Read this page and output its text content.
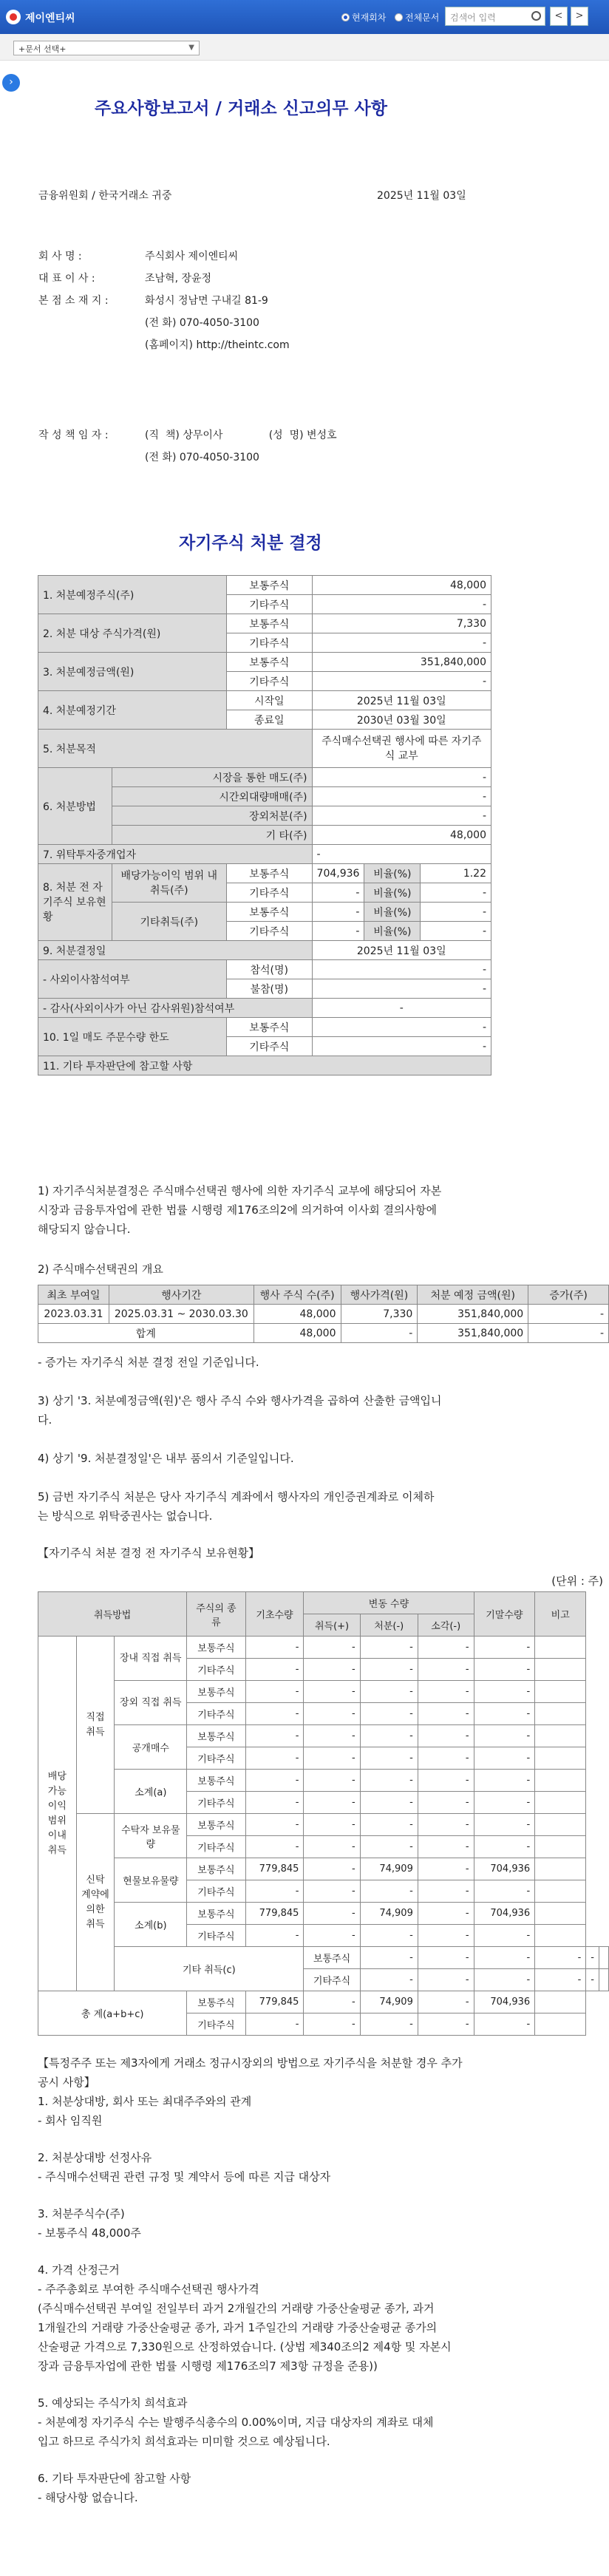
제이엔티씨	현재회차	전체문서	검색어 입력	<	>
+문서 선택+	▼
›
주요사항보고서 / 거래소 신고의무 사항
금융위원회 / 한국거래소 귀중	2025년 11월 03일
회 사 명 :	주식회사 제이엔티씨
대 표 이 사 :	조남혁, 장윤정
본 점 소 재 지 :	화성시 정남면 구내길 81-9
(전 화) 070-4050-3100
(홈페이지) http://theintc.com
작 성 책 임 자 :	(직  책) 상무이사              (성  명) 변성호
(전 화) 070-4050-3100
자기주식 처분 결정
1. 처분예정주식(주)		보통주식	48,000		
		기타주식	-		
2. 처분 대상 주식가격(원)		보통주식	7,330		
		기타주식	-		
3. 처분예정금액(원)		보통주식	351,840,000		
		기타주식	-		
4. 처분예정기간		시작일	2025년 11월 03일		
		종료일	2030년 03월 30일		
5. 처분목적			주식매수선택권 행사에 따른 자기주식 교부		
6. 처분방법	시장을 통한 매도(주)		-		
	시간외대량매매(주)		-		
	장외처분(주)		-		
	기 타(주)		48,000		
7. 위탁투자중개업자			-		
8. 처분 전 자기주식 보유현황	배당가능이익 범위 내 취득(주)	보통주식	704,936	비율(%)	1.22
		기타주식	-	비율(%)	-
	기타취득(주)	보통주식	-	비율(%)	-
		기타주식	-	비율(%)	-
9. 처분결정일			2025년 11월 03일		
- 사외이사참석여부		참석(명)	-		
		불참(명)	-		
- 감사(사외이사가 아닌 감사위원)참석여부			-		
10. 1일 매도 주문수량 한도		보통주식	-		
		기타주식	-		
11. 기타 투자판단에 참고할 사항					
1) 자기주식처분결정은 주식매수선택권 행사에 의한 자기주식 교부에 해당되어 자본
시장과 금융투자업에 관한 법률 시행령 제176조의2에 의거하여 이사회 결의사항에
해당되지 않습니다.
2) 주식매수선택권의 개요
최초 부여일	행사기간	행사 주식 수(주)	행사가격(원)	처분 예정 금액(원)	증가(주)
2023.03.31	2025.03.31 ~ 2030.03.30	48,000	7,330	351,840,000	-
합계		48,000	-	351,840,000	-
- 증가는 자기주식 처분 결정 전일 기준입니다.
3) 상기 '3. 처분예정금액(원)'은 행사 주식 수와 행사가격을 곱하여 산출한 금액입니
다.
4) 상기 '9. 처분결정일'은 내부 품의서 기준일입니다.
5) 금번 자기주식 처분은 당사 자기주식 계좌에서 행사자의 개인증권계좌로 이체하
는 방식으로 위탁중권사는 없습니다.
【자기주식 처분 결정 전 자기주식 보유현황】
(단위 : 주)
취득방법			주식의 종류	기초수량	변동 수량			기말수량	비고		
					취득(+)	처분(-)	소각(-)				
배당 가능 이익 범위 이내 취득	직접 취득	장내 직접 취득	보통주식	-	-	-	-	-			
			기타주식	-	-	-	-	-			
		장외 직접 취득	보통주식	-	-	-	-	-			
			기타주식	-	-	-	-	-			
		공개매수	보통주식	-	-	-	-	-			
			기타주식	-	-	-	-	-			
		소계(a)	보통주식	-	-	-	-	-			
			기타주식	-	-	-	-	-			
	신탁 계약에 의한 취득	수탁자 보유물량	보통주식	-	-	-	-	-			
			기타주식	-	-	-	-	-			
		현물보유물량	보통주식	779,845	-	74,909	-	704,936			
			기타주식	-	-	-	-	-			
		소계(b)	보통주식	779,845	-	74,909	-	704,936			
			기타주식	-	-	-	-	-			
		기타 취득(c)			보통주식	-	-	-	-	-	
					기타주식	-	-	-	-	-	
총 계(a+b+c)			보통주식	779,845	-	74,909	-	704,936			
			기타주식	-	-	-	-	-			
【특정주주 또는 제3자에게 거래소 정규시장외의 방법으로 자기주식을 처분할 경우 추가
공시 사항】
1. 처분상대방, 회사 또는 최대주주와의 관계
- 회사 임직원
2. 처분상대방 선정사유
- 주식매수선택권 관련 규정 및 계약서 등에 따른 지급 대상자
3. 처분주식수(주)
- 보통주식 48,000주
4. 가격 산정근거
- 주주총회로 부여한 주식매수선택권 행사가격
(주식매수선택권 부여일 전일부터 과거 2개월간의 거래량 가중산술평균 종가, 과거
1개월간의 거래량 가중산술평균 종가, 과거 1주일간의 거래량 가중산술평균 종가의
산술평균 가격으로 7,330원으로 산정하였습니다. (상법 제340조의2 제4항 및 자본시
장과 금융투자업에 관한 법률 시행령 제176조의7 제3항 규정을 준용))
5. 예상되는 주식가치 희석효과
- 처분예정 자기주식 수는 발행주식총수의 0.00%이며, 지급 대상자의 계좌로 대체
입고 하므로 주식가치 희석효과는 미미할 것으로 예상됩니다.
6. 기타 투자판단에 참고할 사항
- 해당사항 없습니다.
